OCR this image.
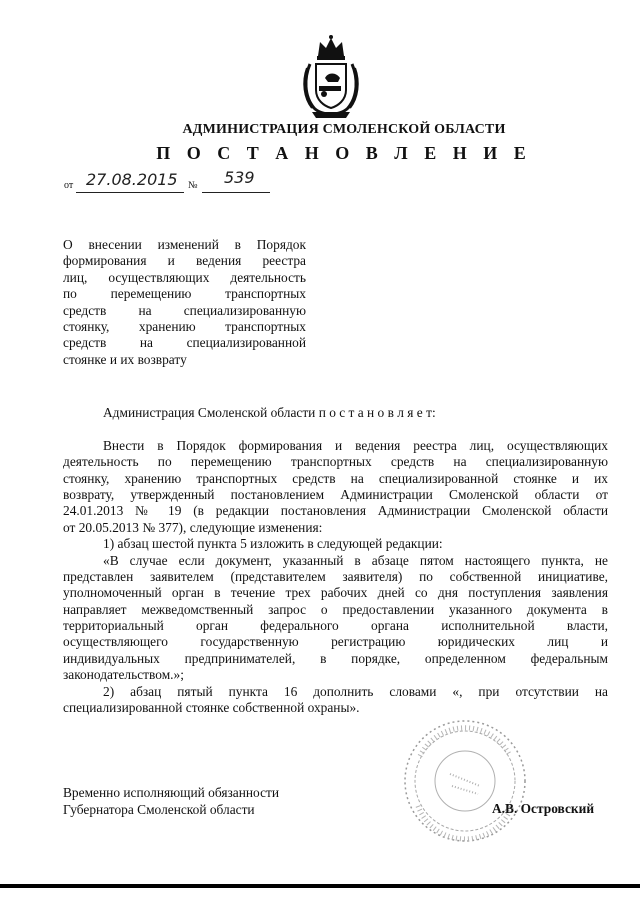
АДМИНИСТРАЦИЯ СМОЛЕНСКОЙ ОБЛАСТИ
П О С Т А Н О В Л Е Н И Е
от 27.08.2015 № 539
О внесении изменений в Порядок
формирования и ведения реестра
лиц, осуществляющих деятельность
по перемещению транспортных
средств на специализированную
стоянку, хранению транспортных
средств на специализированной
стоянке и их возврату
Администрация Смоленской области п о с т а н о в л я е т:
Внести в Порядок формирования и ведения реестра лиц, осуществляющих
деятельность по перемещению транспортных средств на специализированную
стоянку, хранению транспортных средств на специализированной стоянке и их
возврату, утвержденный постановлением Администрации Смоленской области от
24.01.2013 № 19 (в редакции постановления Администрации Смоленской области
от 20.05.2013 № 377), следующие изменения:
1) абзац шестой пункта 5 изложить в следующей редакции:
«В случае если документ, указанный в абзаце пятом настоящего пункта, не
представлен заявителем (представителем заявителя) по собственной инициативе,
уполномоченный орган в течение трех рабочих дней со дня поступления заявления
направляет межведомственный запрос о предоставлении указанного документа в
территориальный орган федерального органа исполнительной власти,
осуществляющего государственную регистрацию юридических лиц и
индивидуальных предпринимателей, в порядке, определенном федеральным
законодательством.»;
2) абзац пятый пункта 16 дополнить словами «, при отсутствии на
специализированной стоянке собственной охраны».
Временно исполняющий обязанности
Губернатора Смоленской области	А.В. Островский
